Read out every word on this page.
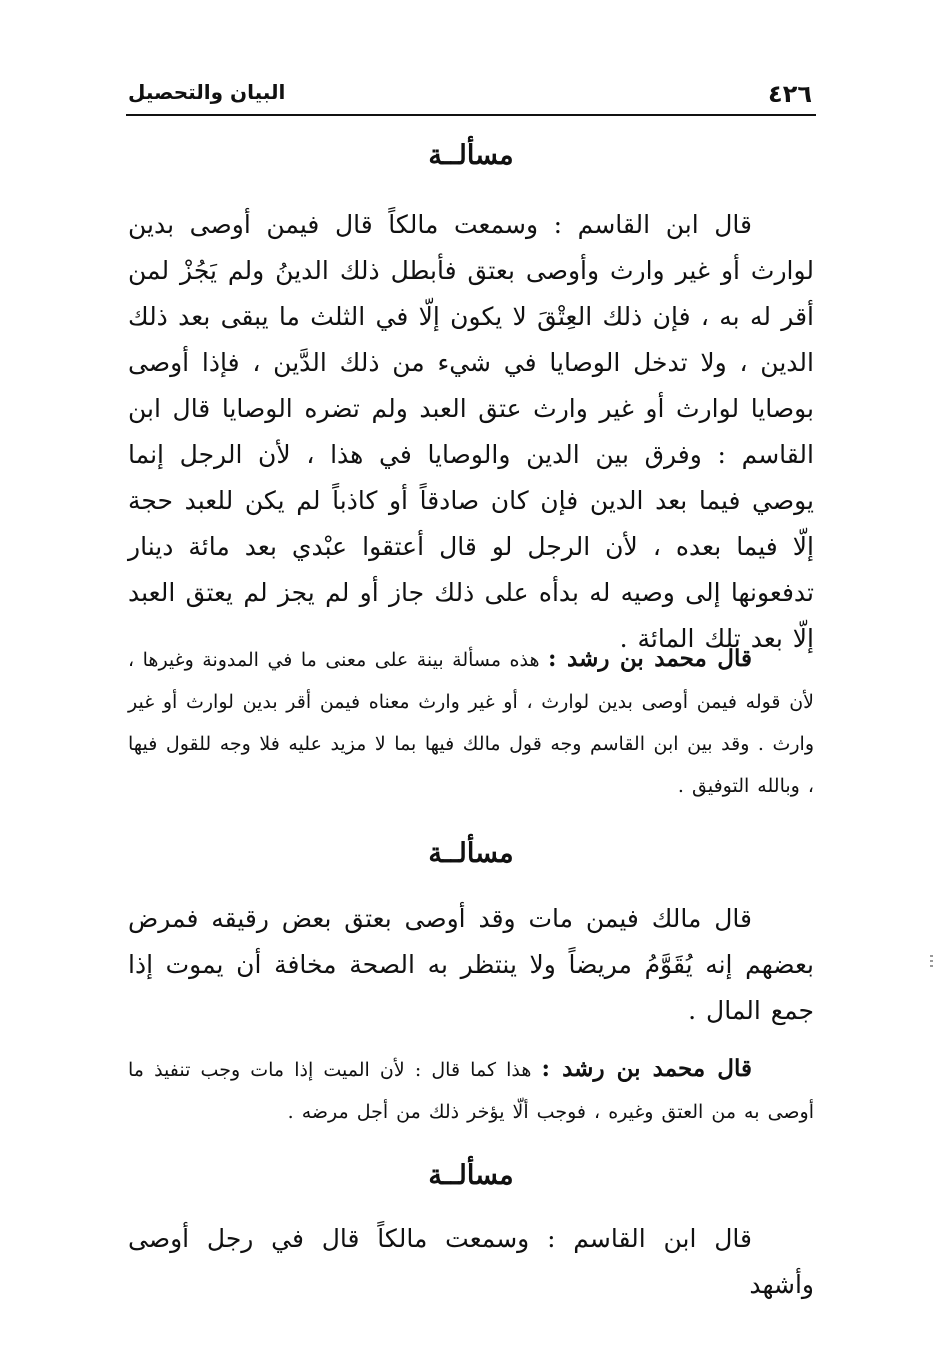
٤٢٦
البيان والتحصيل
مسألــة
قال ابن القاسم : وسمعت مالكاً قال فيمن أوصى بدين لوارث أو غير وارث وأوصى بعتق فأبطل ذلك الدينُ ولم يَجُزْ لمن أقر له به ، فإن ذلك العِتْقَ لا يكون إلّا في الثلث ما يبقى بعد ذلك الدين ، ولا تدخل الوصايا في شيء من ذلك الدَّين ، فإذا أوصى بوصايا لوارث أو غير وارث عتق العبد ولم تضره الوصايا قال ابن القاسم : وفرق بين الدين والوصايا في هذا ، لأن الرجل إنما يوصي فيما بعد الدين فإن كان صادقاً أو كاذباً لم يكن للعبد حجة إلّا فيما بعده ، لأن الرجل لو قال أعتقوا عبْدي بعد مائة دينار تدفعونها إلى وصيه له بدأه على ذلك جاز أو لم يجز لم يعتق العبد إلّا بعد تلك المائة .
قال محمد بن رشد : هذه مسألة بينة على معنى ما في المدونة وغيرها ، لأن قوله فيمن أوصى بدين لوارث ، أو غير وارث معناه فيمن أقر بدين لوارث أو غير وارث . وقد بين ابن القاسم وجه قول مالك فيها بما لا مزيد عليه فلا وجه للقول فيها ، وبالله التوفيق .
مسألــة
قال مالك فيمن مات وقد أوصى بعتق بعض رقيقه فمرض بعضهم إنه يُقَوَّمُ مريضاً ولا ينتظر به الصحة مخافة أن يموت إذا جمع المال .
قال محمد بن رشد : هذا كما قال : لأن الميت إذا مات وجب تنفيذ ما أوصى به من العتق وغيره ، فوجب ألّا يؤخر ذلك من أجل مرضه .
مسألــة
قال ابن القاسم : وسمعت مالكاً قال في رجل أوصى وأشهد
